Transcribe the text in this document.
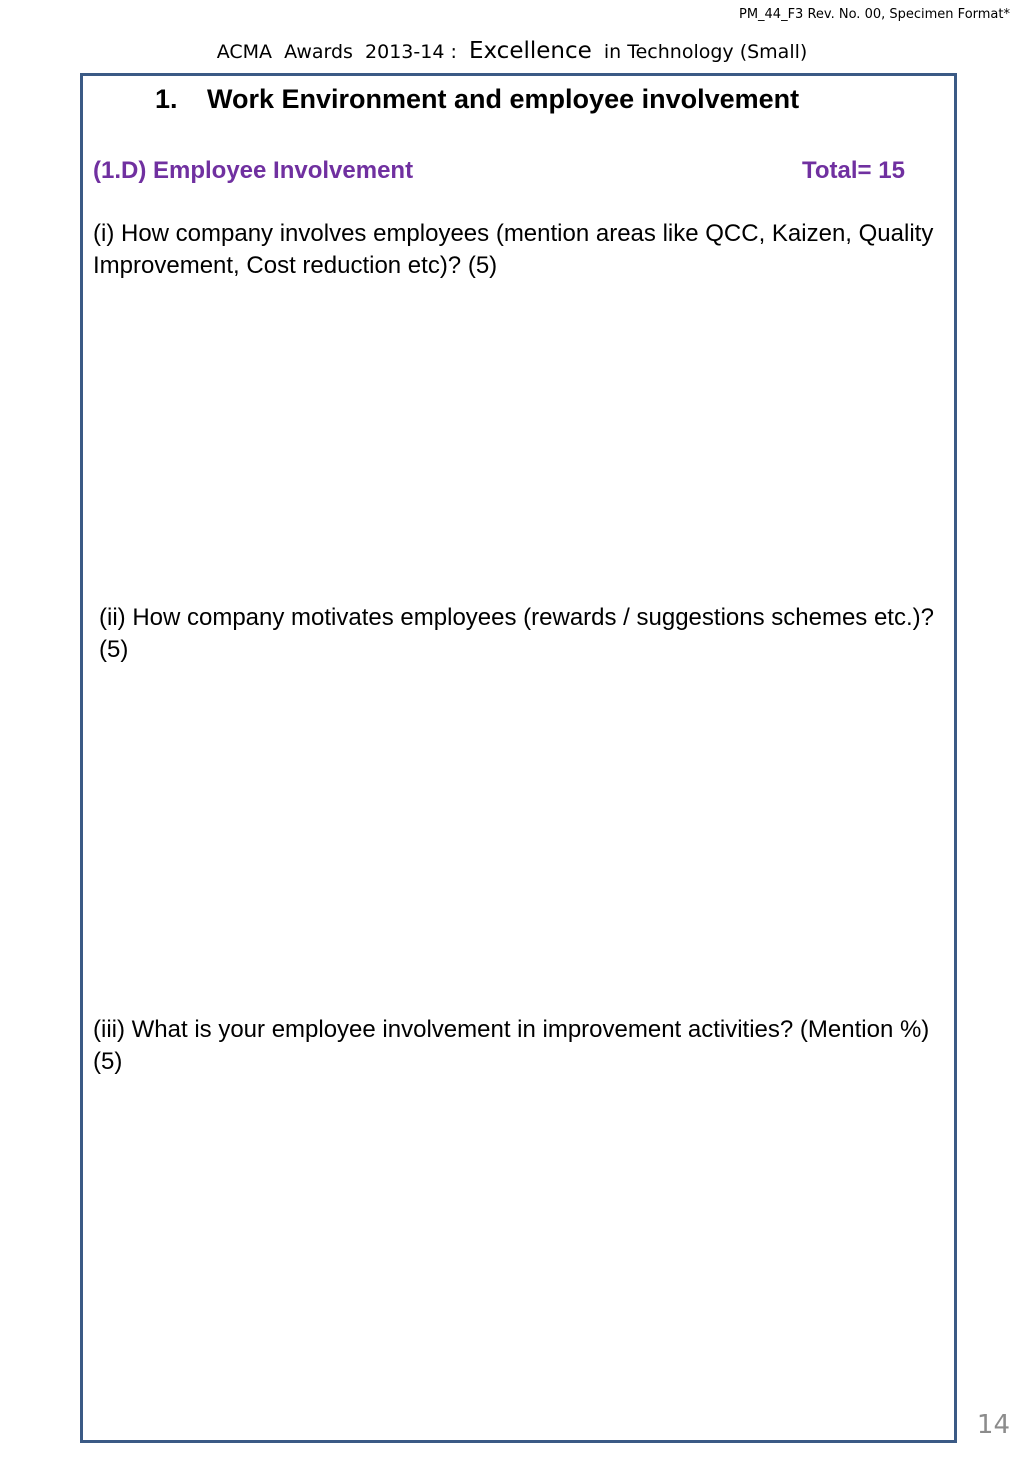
PM_44_F3 Rev. No. 00, Specimen Format*
ACMA  Awards  2013-14 :  Excellence  in Technology (Small)
1. Work Environment and employee involvement
(1.D) Employee Involvement	Total= 15
(i) How company involves employees (mention areas like QCC, Kaizen, Quality Improvement, Cost reduction etc)? (5)
(ii) How company motivates employees (rewards / suggestions schemes etc.)? (5)
(iii) What is your employee involvement in improvement activities? (Mention %) (5)
14
